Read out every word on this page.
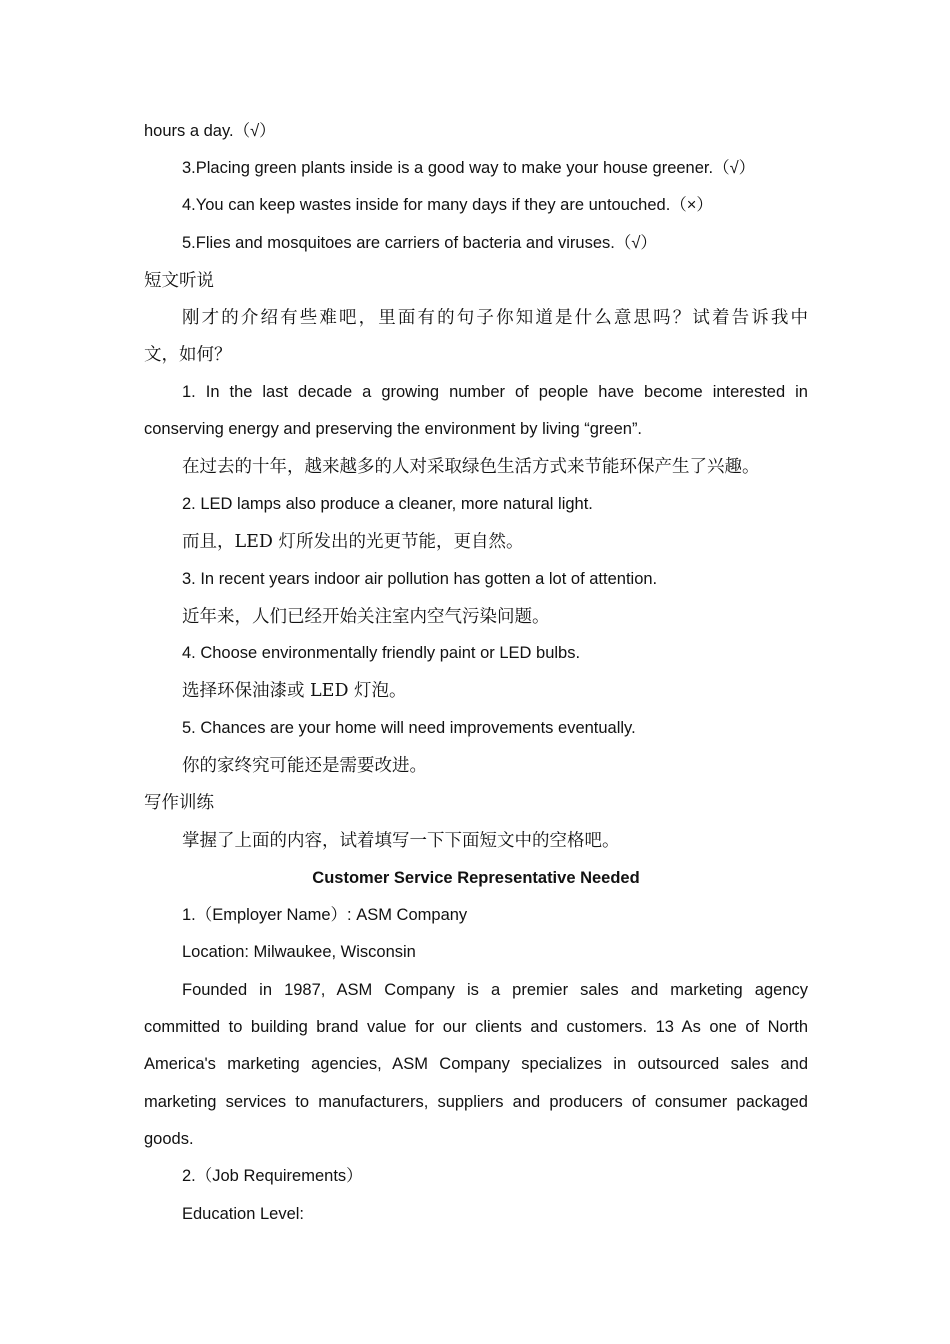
hours a day.（√）
3.Placing green plants inside is a good way to make your house greener.（√）
4.You can keep wastes inside for many days if they are untouched.（×）
5.Flies and mosquitoes are carriers of bacteria and viruses.（√）
短文听说
刚才的介绍有些难吧，里面有的句子你知道是什么意思吗？试着告诉我中
文，如何？
1. In the last decade a growing number of people have become interested in
conserving energy and preserving the environment by living “green”.
在过去的十年，越来越多的人对采取绿色生活方式来节能环保产生了兴趣。
2. LED lamps also produce a cleaner, more natural light.
而且，LED 灯所发出的光更节能，更自然。
3. In recent years indoor air pollution has gotten a lot of attention.
近年来，人们已经开始关注室内空气污染问题。
4. Choose environmentally friendly paint or LED bulbs.
选择环保油漆或 LED 灯泡。
5. Chances are your home will need improvements eventually.
你的家终究可能还是需要改进。
写作训练
掌握了上面的内容，试着填写一下下面短文中的空格吧。
Customer Service Representative Needed
1.（Employer Name）: ASM Company
Location: Milwaukee, Wisconsin
Founded in 1987, ASM Company is a premier sales and marketing agency
committed to building brand value for our clients and customers. 13 As one of North
America's marketing agencies, ASM Company specializes in outsourced sales and
marketing services to manufacturers, suppliers and producers of consumer packaged
goods.
2.（Job Requirements）
Education Level:
